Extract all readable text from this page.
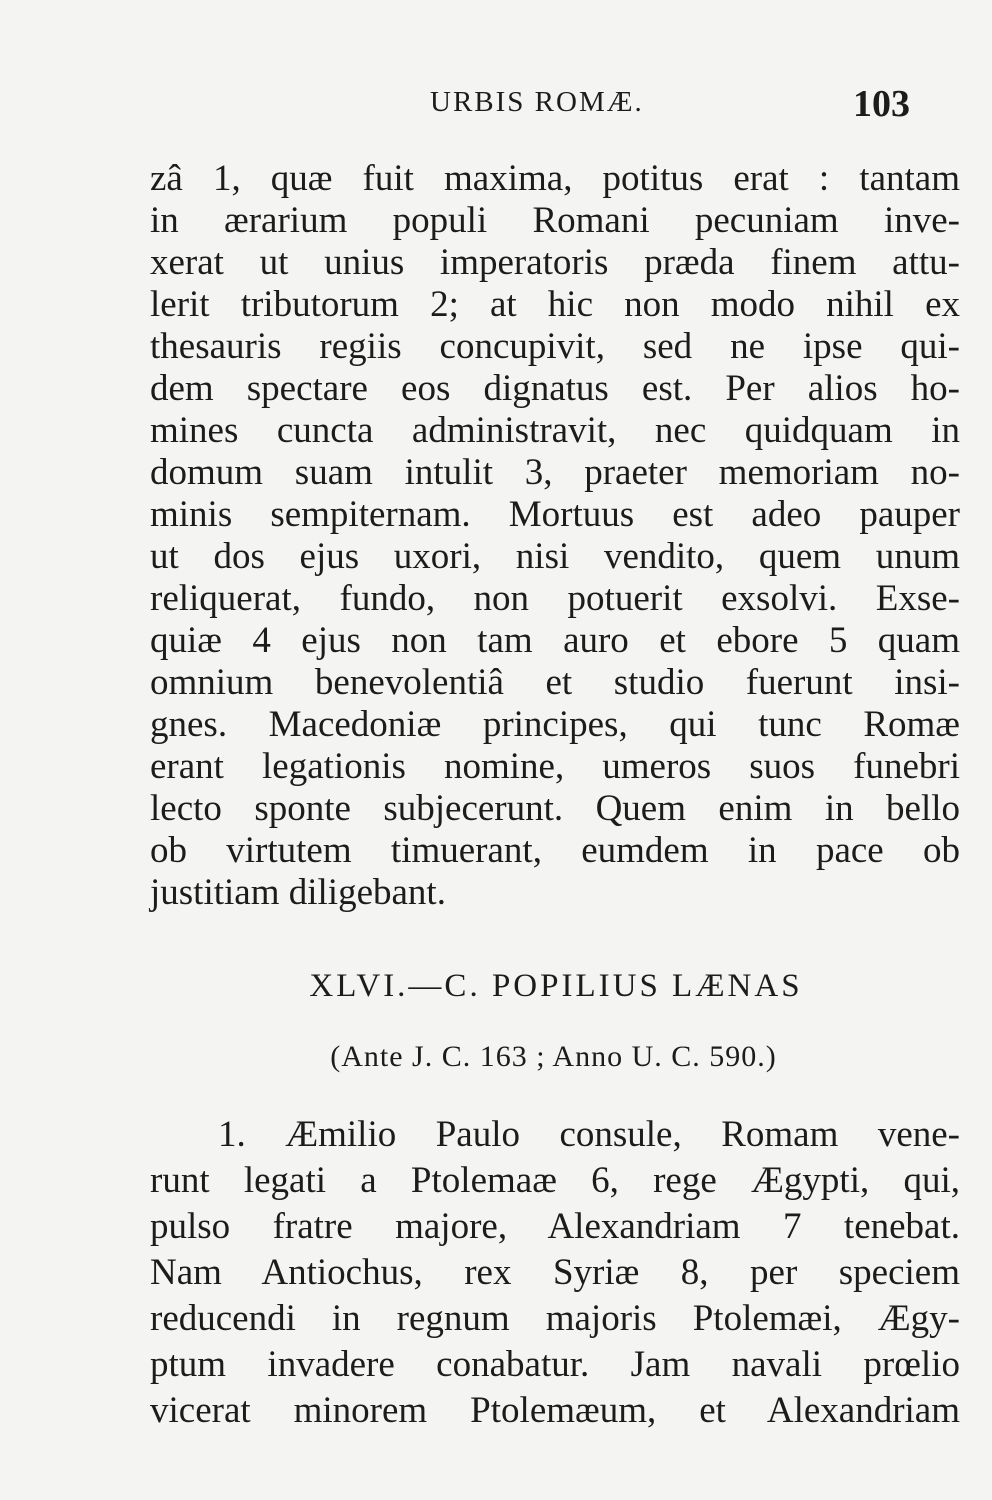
URBIS ROMÆ.	103
zâ 1, quæ fuit maxima, potitus erat : tantam
in ærarium populi Romani pecuniam inve-
xerat ut unius imperatoris præda finem attu-
lerit tributorum 2; at hic non modo nihil ex
thesauris regiis concupivit, sed ne ipse qui-
dem spectare eos dignatus est. Per alios ho-
mines cuncta administravit, nec quidquam in
domum suam intulit 3, praeter memoriam no-
minis sempiternam. Mortuus est adeo pauper
ut dos ejus uxori, nisi vendito, quem unum
reliquerat, fundo, non potuerit exsolvi. Exse-
quiæ 4 ejus non tam auro et ebore 5 quam
omnium benevolentiâ et studio fuerunt insi-
gnes. Macedoniæ principes, qui tunc Romæ
erant legationis nomine, umeros suos funebri
lecto sponte subjecerunt. Quem enim in bello
ob virtutem timuerant, eumdem in pace ob
justitiam diligebant.
XLVI.—C. POPILIUS LÆNAS
(Ante J. C. 163 ; Anno U. C. 590.)
1. Æmilio Paulo consule, Romam vene-
runt legati a Ptolemaæ 6, rege Ægypti, qui,
pulso fratre majore, Alexandriam 7 tenebat.
Nam Antiochus, rex Syriæ 8, per speciem
reducendi in regnum majoris Ptolemæi, Ægy-
ptum invadere conabatur. Jam navali prœlio
vicerat minorem Ptolemæum, et Alexandriam
